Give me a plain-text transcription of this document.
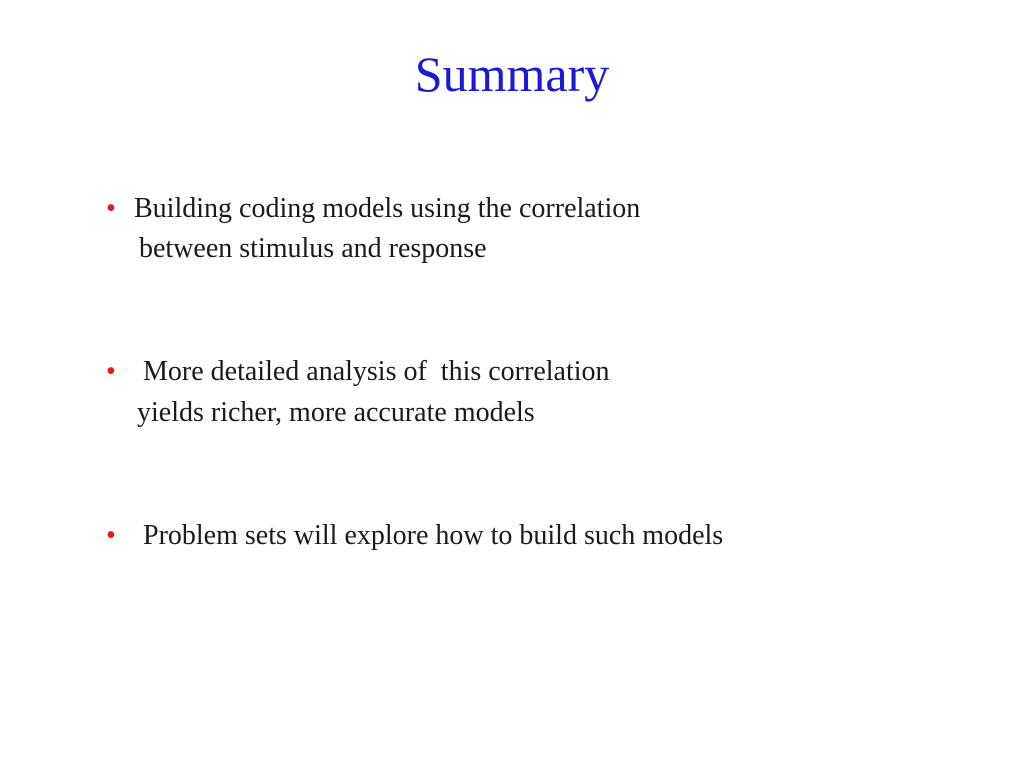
Summary
• Building coding models using the correlation
between stimulus and response
• More detailed analysis of  this correlation
yields richer, more accurate models
• Problem sets will explore how to build such models
